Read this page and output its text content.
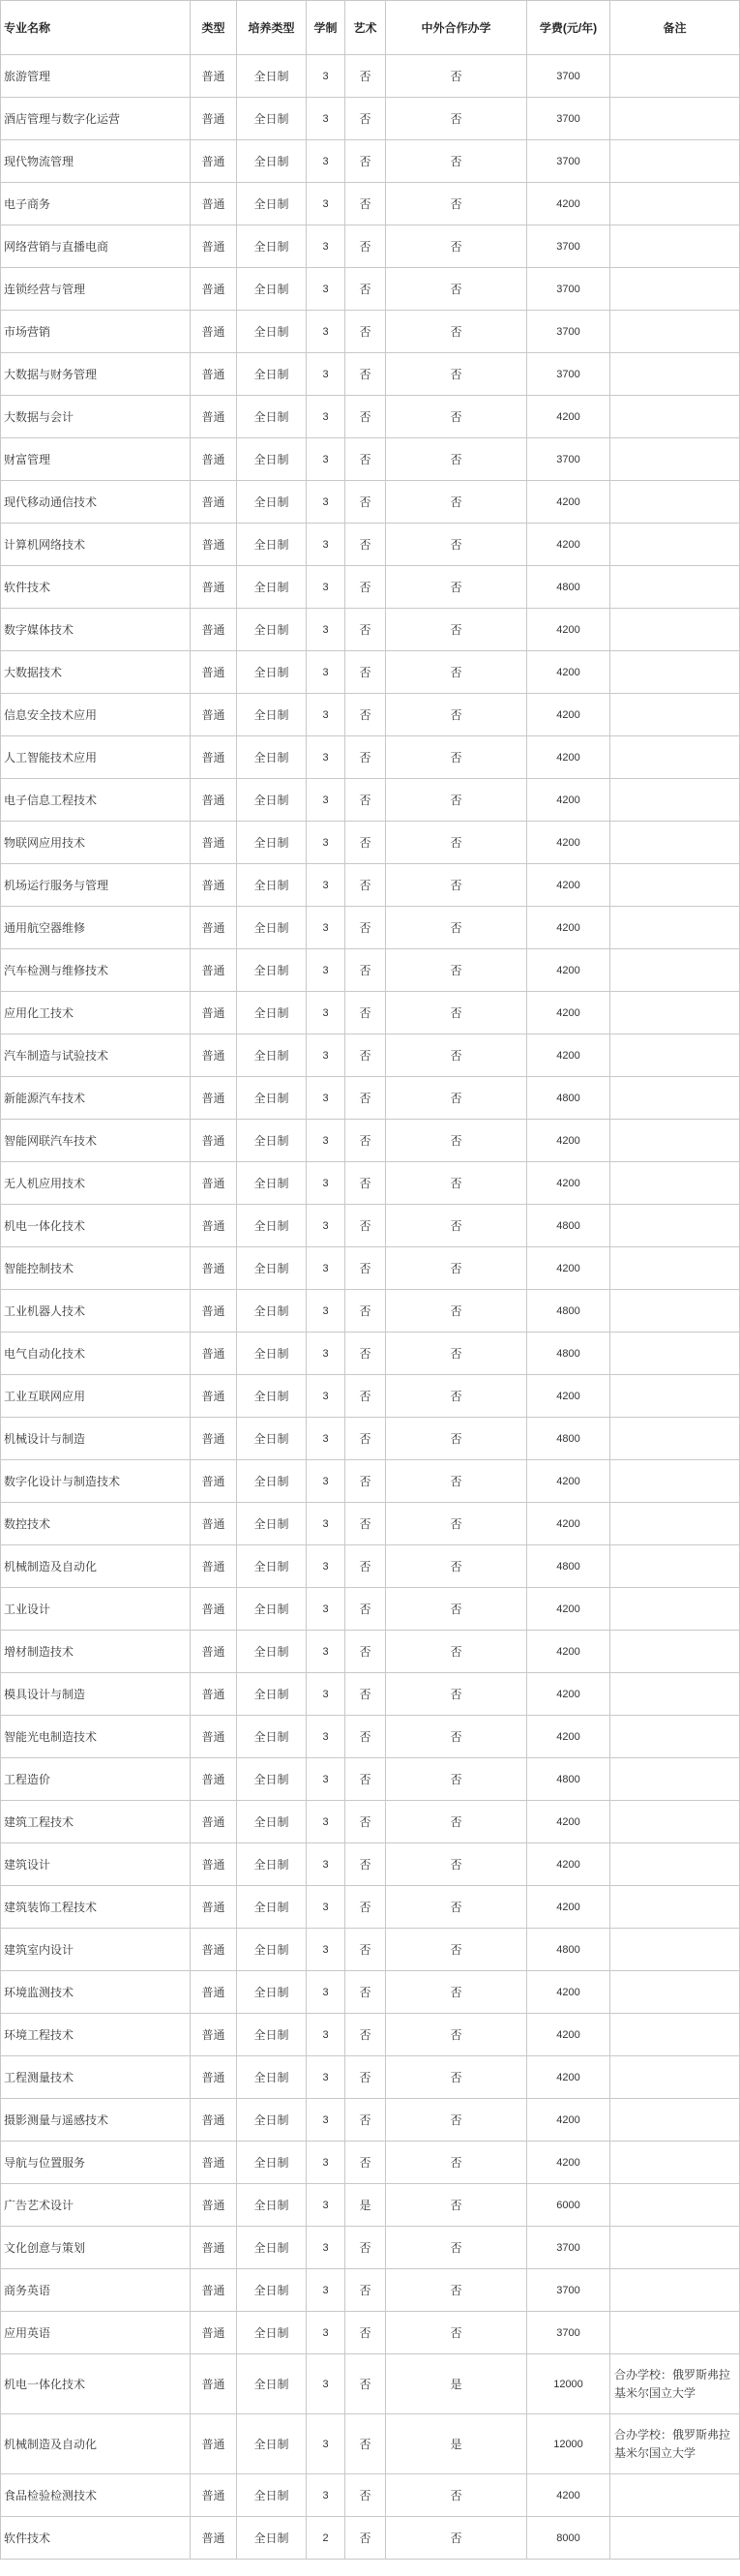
专业名称	类型	培养类型	学制	艺术	中外合作办学	学费(元/年)	备注
旅游管理	普通	全日制	3	否	否	3700	
酒店管理与数字化运营	普通	全日制	3	否	否	3700	
现代物流管理	普通	全日制	3	否	否	3700	
电子商务	普通	全日制	3	否	否	4200	
网络营销与直播电商	普通	全日制	3	否	否	3700	
连锁经营与管理	普通	全日制	3	否	否	3700	
市场营销	普通	全日制	3	否	否	3700	
大数据与财务管理	普通	全日制	3	否	否	3700	
大数据与会计	普通	全日制	3	否	否	4200	
财富管理	普通	全日制	3	否	否	3700	
现代移动通信技术	普通	全日制	3	否	否	4200	
计算机网络技术	普通	全日制	3	否	否	4200	
软件技术	普通	全日制	3	否	否	4800	
数字媒体技术	普通	全日制	3	否	否	4200	
大数据技术	普通	全日制	3	否	否	4200	
信息安全技术应用	普通	全日制	3	否	否	4200	
人工智能技术应用	普通	全日制	3	否	否	4200	
电子信息工程技术	普通	全日制	3	否	否	4200	
物联网应用技术	普通	全日制	3	否	否	4200	
机场运行服务与管理	普通	全日制	3	否	否	4200	
通用航空器维修	普通	全日制	3	否	否	4200	
汽车检测与维修技术	普通	全日制	3	否	否	4200	
应用化工技术	普通	全日制	3	否	否	4200	
汽车制造与试验技术	普通	全日制	3	否	否	4200	
新能源汽车技术	普通	全日制	3	否	否	4800	
智能网联汽车技术	普通	全日制	3	否	否	4200	
无人机应用技术	普通	全日制	3	否	否	4200	
机电一体化技术	普通	全日制	3	否	否	4800	
智能控制技术	普通	全日制	3	否	否	4200	
工业机器人技术	普通	全日制	3	否	否	4800	
电气自动化技术	普通	全日制	3	否	否	4800	
工业互联网应用	普通	全日制	3	否	否	4200	
机械设计与制造	普通	全日制	3	否	否	4800	
数字化设计与制造技术	普通	全日制	3	否	否	4200	
数控技术	普通	全日制	3	否	否	4200	
机械制造及自动化	普通	全日制	3	否	否	4800	
工业设计	普通	全日制	3	否	否	4200	
增材制造技术	普通	全日制	3	否	否	4200	
模具设计与制造	普通	全日制	3	否	否	4200	
智能光电制造技术	普通	全日制	3	否	否	4200	
工程造价	普通	全日制	3	否	否	4800	
建筑工程技术	普通	全日制	3	否	否	4200	
建筑设计	普通	全日制	3	否	否	4200	
建筑装饰工程技术	普通	全日制	3	否	否	4200	
建筑室内设计	普通	全日制	3	否	否	4800	
环境监测技术	普通	全日制	3	否	否	4200	
环境工程技术	普通	全日制	3	否	否	4200	
工程测量技术	普通	全日制	3	否	否	4200	
摄影测量与遥感技术	普通	全日制	3	否	否	4200	
导航与位置服务	普通	全日制	3	否	否	4200	
广告艺术设计	普通	全日制	3	是	否	6000	
文化创意与策划	普通	全日制	3	否	否	3700	
商务英语	普通	全日制	3	否	否	3700	
应用英语	普通	全日制	3	否	否	3700	
机电一体化技术	普通	全日制	3	否	是	12000	合办学校：俄罗斯弗拉基米尔国立大学
机械制造及自动化	普通	全日制	3	否	是	12000	合办学校：俄罗斯弗拉基米尔国立大学
食品检验检测技术	普通	全日制	3	否	否	4200	
软件技术	普通	全日制	2	否	否	8000	
